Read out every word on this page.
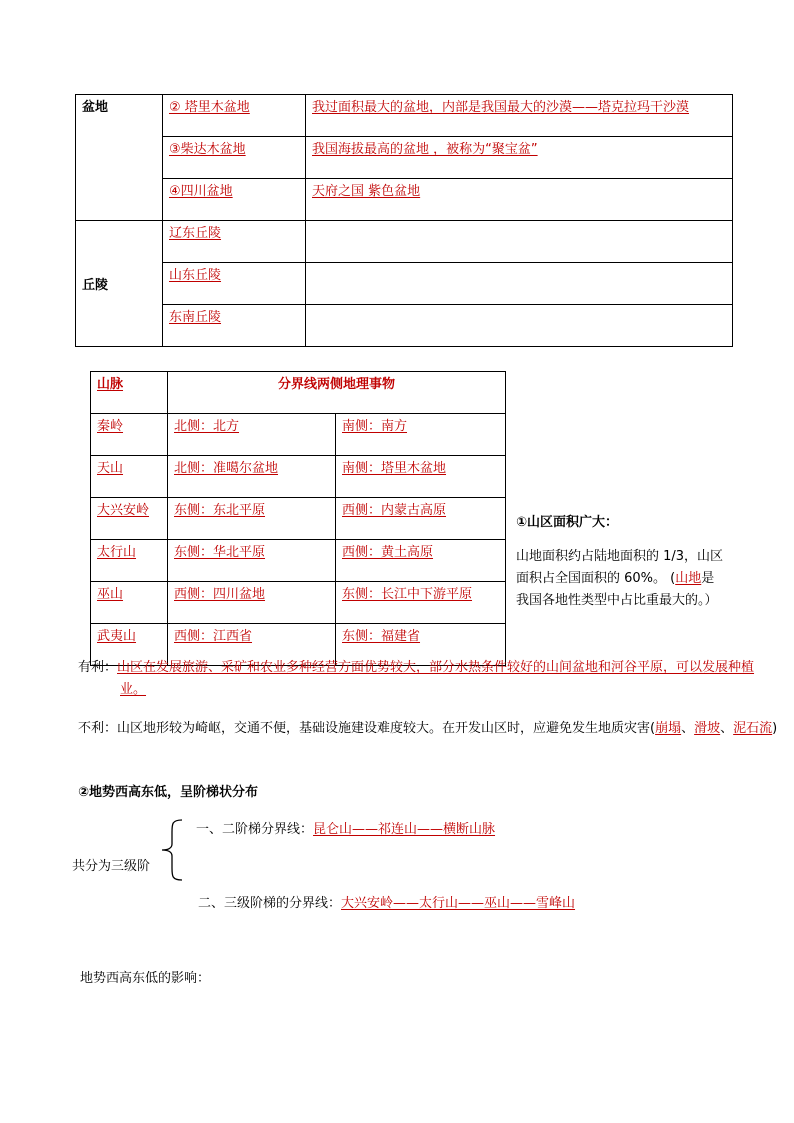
盆地	② 塔里木盆地	我过面积最大的盆地，内部是我国最大的沙漠——塔克拉玛干沙漠
	③柴达木盆地	我国海拔最高的盆地 ，被称为“聚宝盆”
	④四川盆地	天府之国 紫色盆地
丘陵	辽东丘陵	
	山东丘陵	
	东南丘陵	
山脉	分界线两侧地理事物	
秦岭	北侧：北方	南侧：南方
天山	北侧：准噶尔盆地	南侧：塔里木盆地
大兴安岭	东侧：东北平原	西侧：内蒙古高原
太行山	东侧：华北平原	西侧：黄土高原
巫山	西侧：四川盆地	东侧：长江中下游平原
武夷山	西侧：江西省	东侧：福建省
①山区面积广大：
山地面积约占陆地面积的 1/3，山区面积占全国面积的 60%。 (山地是我国各地性类型中占比重最大的。）
有利：山区在发展旅游、采矿和农业多种经营方面优势较大，部分水热条件较好的山间盆地和河谷平原，可以发展种植业。
不利：山区地形较为崎岖，交通不便，基础设施建设难度较大。在开发山区时，应避免发生地质灾害(崩塌、滑坡、泥石流)
②地势西高东低，呈阶梯状分布
一、二阶梯分界线：昆仑山——祁连山——横断山脉
共分为三级阶
二、三级阶梯的分界线：大兴安岭——太行山——巫山——雪峰山
地势西高东低的影响：
